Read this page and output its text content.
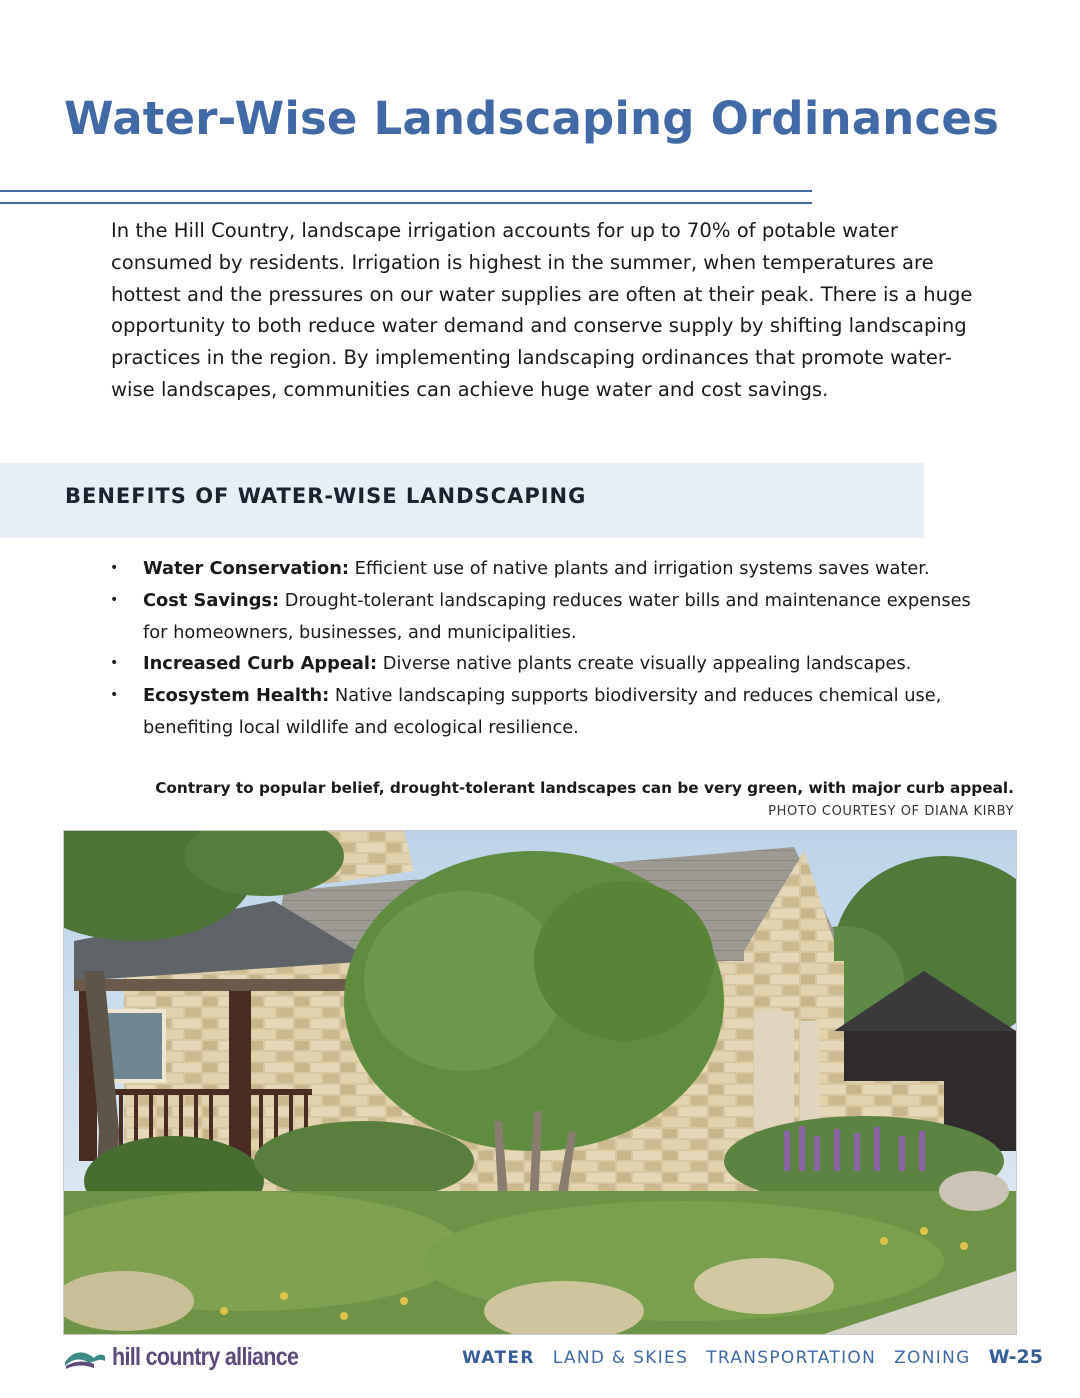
Water-Wise Landscaping Ordinances

In the Hill Country, landscape irrigation accounts for up to 70% of potable water consumed by residents. Irrigation is highest in the summer, when temperatures are hottest and the pressures on our water supplies are often at their peak. There is a huge opportunity to both reduce water demand and conserve supply by shifting landscaping practices in the region. By implementing landscaping ordinances that promote water-wise landscapes, communities can achieve huge water and cost savings.

BENEFITS OF WATER-WISE LANDSCAPING
• Water Conservation: Efficient use of native plants and irrigation systems saves water.
• Cost Savings: Drought-tolerant landscaping reduces water bills and maintenance expenses for homeowners, businesses, and municipalities.
• Increased Curb Appeal: Diverse native plants create visually appealing landscapes.
• Ecosystem Health: Native landscaping supports biodiversity and reduces chemical use, benefiting local wildlife and ecological resilience.

Contrary to popular belief, drought-tolerant landscapes can be very green, with major curb appeal.

PHOTO COURTESY OF DIANA KIRBY

hill country alliance	WATER LAND & SKIES TRANSPORTATION ZONING W-25
